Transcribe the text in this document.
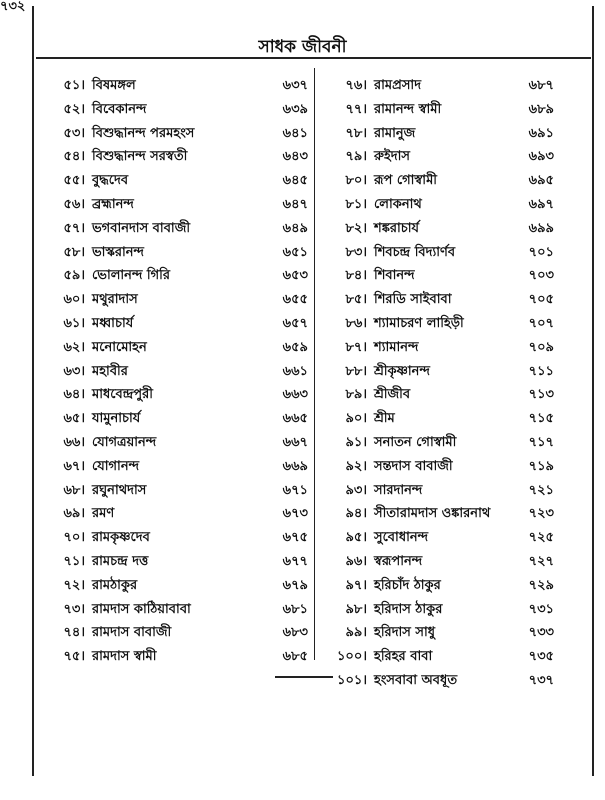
৭৩২
সাধক জীবনী
৫১। বিষমঙ্গল	৬৩৭
৫২। বিবেকানন্দ	৬৩৯
৫৩। বিশুদ্ধানন্দ পরমহংস	৬৪১
৫৪। বিশুদ্ধানন্দ সরস্বতী	৬৪৩
৫৫। বুদ্ধদেব	৬৪৫
৫৬। ব্রহ্মানন্দ	৬৪৭
৫৭। ভগবানদাস বাবাজী	৬৪৯
৫৮। ভাস্করানন্দ	৬৫১
৫৯। ভোলানন্দ গিরি	৬৫৩
৬০। মথুরাদাস	৬৫৫
৬১। মধ্বাচার্য	৬৫৭
৬২। মনোমোহন	৬৫৯
৬৩। মহাবীর	৬৬১
৬৪। মাধবেন্দ্রপুরী	৬৬৩
৬৫। যামুনাচার্য	৬৬৫
৬৬। যোগত্রয়ানন্দ	৬৬৭
৬৭। যোগানন্দ	৬৬৯
৬৮। রঘুনাথদাস	৬৭১
৬৯। রমণ	৬৭৩
৭০। রামকৃষ্ণদেব	৬৭৫
৭১। রামচন্দ্র দত্ত	৬৭৭
৭২। রামঠাকুর	৬৭৯
৭৩। রামদাস কাঠিয়াবাবা	৬৮১
৭৪। রামদাস বাবাজী	৬৮৩
৭৫। রামদাস স্বামী	৬৮৫
৭৬। রামপ্রসাদ	৬৮৭
৭৭। রামানন্দ স্বামী	৬৮৯
৭৮। রামানুজ	৬৯১
৭৯। রুইদাস	৬৯৩
৮০। রূপ গোস্বামী	৬৯৫
৮১। লোকনাথ	৬৯৭
৮২। শঙ্করাচার্য	৬৯৯
৮৩। শিবচন্দ্র বিদ্যার্ণব	৭০১
৮৪। শিবানন্দ	৭০৩
৮৫। শিরডি সাইবাবা	৭০৫
৮৬। শ্যামাচরণ লাহিড়ী	৭০৭
৮৭। শ্যামানন্দ	৭০৯
৮৮। শ্রীকৃষ্ণানন্দ	৭১১
৮৯। শ্রীজীব	৭১৩
৯০। শ্রীম	৭১৫
৯১। সনাতন গোস্বামী	৭১৭
৯২। সন্তদাস বাবাজী	৭১৯
৯৩। সারদানন্দ	৭২১
৯৪। সীতারামদাস ওঙ্কারনাথ	৭২৩
৯৫। সুবোধানন্দ	৭২৫
৯৬। স্বরূপানন্দ	৭২৭
৯৭। হরিচাঁদ ঠাকুর	৭২৯
৯৮। হরিদাস ঠাকুর	৭৩১
৯৯। হরিদাস সাধু	৭৩৩
১০০। হরিহর বাবা	৭৩৫
১০১। হংসবাবা অবধূত	৭৩৭
